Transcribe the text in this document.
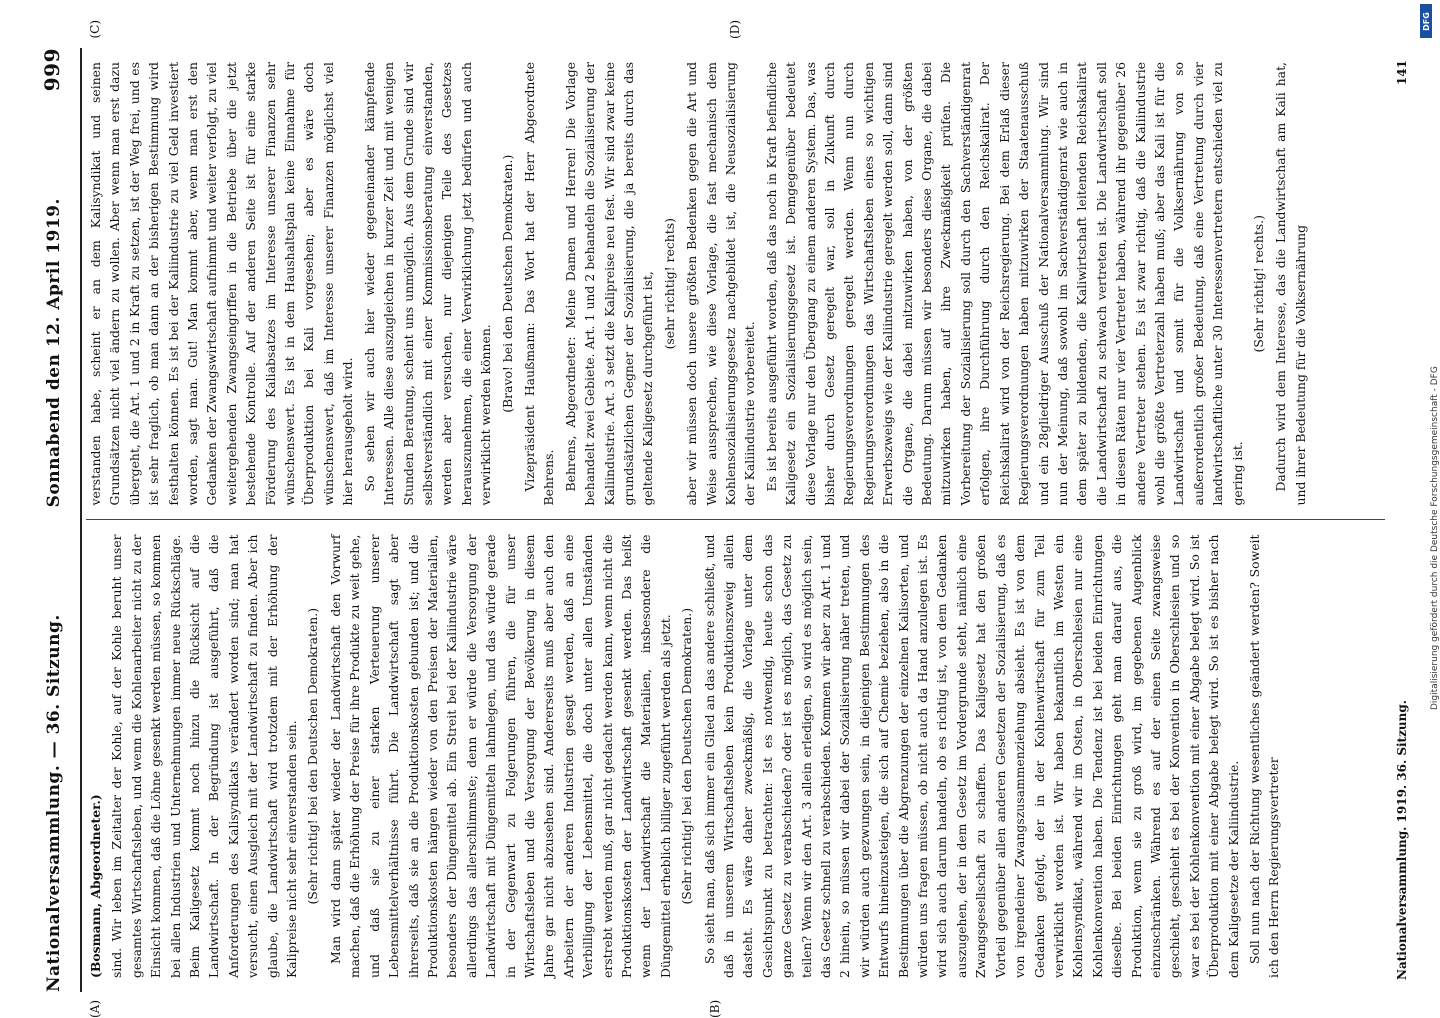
Nationalversammlung. — 36. Sitzung.
Sonnabend den 12. April 1919.
999
(A)	(B)

(Bosmann, Abgeordneter.) sind. Wir leben im Zeitalter der Kohle, auf der Kohle beruht unser gesamtes Wirtschaftsleben, und wenn die Kohlenarbeiter nicht zu der Einsicht kommen, daß die Löhne gesenkt werden müssen, so kommen bei allen Industrien und Unternehmungen immer neue Rückschläge. Beim Kaligesetz kommt noch hinzu die Rücksicht auf die Landwirtschaft. In der Begründung ist ausgeführt, daß die Anforderungen des Kalisyndikats verändert worden sind; man hat versucht, einen Ausgleich mit der Landwirtschaft zu finden. Aber ich glaube, die Landwirtschaft wird trotzdem mit der Erhöhung der Kalipreise nicht sehr einverstanden sein. (Sehr richtig! bei den Deutschen Demokraten.) Man wird dann später wieder der Landwirtschaft den Vorwurf machen, daß die Erhöhung der Preise für ihre Produkte zu weit gehe, und daß sie zu einer starken Verteuerung unserer Lebensmittelverhältnisse führt. Die Landwirtschaft sagt aber ihrerseits, daß sie an die Produktionskosten gebunden ist; und die Produktionskosten hängen wieder von den Preisen der Materialien, besonders der Düngemittel ab. Ein Streit bei der Kaliindustrie wäre allerdings das allerschlimmste; denn er würde die Versorgung der Landwirtschaft mit Düngemitteln lahmlegen, und das würde gerade in der Gegenwart zu Folgerungen führen, die für unser Wirtschaftsleben und die Versorgung der Bevölkerung in diesem Jahre gar nicht abzusehen sind. Andererseits muß aber auch den Arbeitern der anderen Industrien gesagt werden, daß an eine Verbilligung der Lebensmittel, die doch unter allen Umständen erstrebt werden muß, gar nicht gedacht werden kann, wenn nicht die Produktionskosten der Landwirtschaft gesenkt werden. Das heißt wenn der Landwirtschaft die Materialien, insbesondere die Düngemittel erheblich billiger zugeführt werden als jetzt. (Sehr richtig! bei den Deutschen Demokraten.) So sieht man, daß sich immer ein Glied an das andere schließt, und daß in unserem Wirtschaftsleben kein Produktionszweig allein dasteht. Es wäre daher zweckmäßig, die Vorlage unter dem Gesichtspunkt zu betrachten: Ist es notwendig, heute schon das ganze Gesetz zu verabschieden? oder ist es möglich, das Gesetz zu teilen? Wenn wir den Art. 3 allein erledigen, so wird es möglich sein, das Gesetz schnell zu verabschieden. Kommen wir aber zu Art. 1 und 2 hinein, so müssen wir dabei der Sozialisierung näher treten, und wir würden auch gezwungen sein, in diejenigen Bestimmungen des Entwurfs hineinzusteigen, die sich auf Chemie beziehen, also in die Bestimmungen über die Abgrenzungen der einzelnen Kalisorten, und würden uns fragen müssen, ob nicht auch da Hand anzulegen ist. Es wird sich auch darum handeln, ob es richtig ist, von dem Gedanken auszugehen, der in dem Gesetz im Vordergrunde steht, nämlich eine Zwangsgesellschaft zu schaffen. Das Kaligesetz hat den großen Vorteil gegenüber allen anderen Gesetzen der Sozialisierung, daß es von irgendeiner Zwangszusammenziehung absieht. Es ist von dem Gedanken gefolgt, der in der Kohlenwirtschaft für zum Teil verwirklicht worden ist. Wir haben bekanntlich im Westen ein Kohlensyndikat, während wir im Osten, in Oberschlesien nur eine Kohlenkonvention haben. Die Tendenz ist bei beiden Einrichtungen dieselbe. Bei beiden Einrichtungen geht man darauf aus, die Produktion, wenn sie zu groß wird, im gegebenen Augenblick einzuschränken. Während es auf der einen Seite zwangsweise geschieht, geschieht es bei der Konvention in Oberschlesien und so war es bei der Kohlenkonvention mit einer Abgabe belegt wird. So ist Überproduktion mit einer Abgabe belegt wird. So ist es bisher nach dem Kaligesetze der Kaliindustrie. Soll nun nach der Richtung wesentliches geändert werden? Soweit ich den Herrn Regierungsvertreter

(C)	(D)

verstanden habe, scheint er an dem Kalisyndikat und seinen Grundsätzen nicht viel ändern zu wollen. Aber wenn man erst dazu übergeht, die Art. 1 und 2 in Kraft zu setzen, ist der Weg frei, und es ist sehr fraglich, ob man dann an der bisherigen Bestimmung wird festhalten können. Es ist bei der Kaliindustrie zu viel Geld investiert worden, sagt man. Gut! Man kommt aber, wenn man erst den Gedanken der Zwangswirtschaft aufnimmt und weiter verfolgt, zu viel weitergehenden Zwangseingriffen in die Betriebe über die jetzt bestehende Kontrolle. Auf der anderen Seite ist für eine starke Förderung des Kaliabsatzes im Interesse unserer Finanzen sehr wünschenswert. Es ist in dem Haushaltsplan keine Einnahme für Überproduktion bei Kali vorgesehen; aber es wäre doch wünschenswert, daß im Interesse unserer Finanzen möglichst viel hier herausgeholt wird. So sehen wir auch hier wieder gegeneinander kämpfende Interessen. Alle diese auszugleichen in kurzer Zeit und mit wenigen Stunden Beratung, scheint uns unmöglich. Aus dem Grunde sind wir selbstverständlich mit einer Kommissionsberatung einverstanden, werden aber versuchen, nur diejenigen Teile des Gesetzes herauszunehmen, die einer Verwirklichung jetzt bedürfen und auch verwirklicht werden können.

(Bravo! bei den Deutschen Demokraten.) Vizepräsident Haußmann: Das Wort hat der Herr Abgeordnete Behrens. Behrens, Abgeordneter: Meine Damen und Herren! Die Vorlage behandelt zwei Gebiete. Art. 1 und 2 behandeln die Sozialisierung der Kaliindustrie. Art. 3 setzt die Kalipreise neu fest. Wir sind zwar keine grundsätzlichen Gegner der Sozialisierung, die ja bereits durch das geltende Kaligesetz durchgeführt ist, (sehr richtig! rechts) aber wir müssen doch unsere größten Bedenken gegen die Art und Weise aussprechen, wie diese Vorlage, die fast mechanisch dem Kohlensozialisierungsgesetz nachgebildet ist, die Neusozialisierung der Kaliindustrie vorbereitet. Es ist bereits ausgeführt worden, daß das noch in Kraft befindliche Kaligesetz ein Sozialisierungsgesetz ist. Demgegenüber bedeutet diese Vorlage nur den Übergang zu einem anderen System. Das, was bisher durch Gesetz geregelt war, soll in Zukunft durch Regierungsverordnungen geregelt werden. Wenn nun durch Regierungsverordnungen das Wirtschaftsleben eines so wichtigen Erwerbszweigs wie der Kaliindustrie geregelt werden soll, dann sind die Organe, die dabei mitzuwirken haben, von der größten Bedeutung. Darum müssen wir besonders diese Organe, die dabei mitzuwirken haben, auf ihre Zweckmäßigkeit prüfen. Die Vorbereitung der Sozialisierung soll durch den Sachverständigenrat erfolgen, ihre Durchführung durch den Reichskalirat. Der Reichskalirat wird von der Reichsregierung. Bei dem Erlaß dieser Regierungsverordnungen haben mitzuwirken der Staatenausschuß und ein 28gliedriger Ausschuß der Nationalversammlung. Wir sind nun der Meinung, daß sowohl im Sachverständigenrat wie auch in dem später zu bildenden, die Kaliwirtschaft leitenden Reichskalirat die Landwirtschaft zu schwach vertreten ist. Die Landwirtschaft soll in diesen Räten nur vier Vertreter haben, während ihr gegenüber 26 andere Vertreter stehen. Es ist zwar richtig, daß die Kaliindustrie wohl die größte Vertreterzahl haben muß; aber das Kali ist für die Landwirtschaft und somit für die Volksernährung von so außerordentlich großer Bedeutung, daß eine Vertretung durch vier landwirtschaftliche unter 30 Interessenvertretern entschieden viel zu gering ist.

(Sehr richtig! rechts.) Dadurch wird dem Interesse, das die Landwirtschaft am Kali hat, und ihrer Bedeutung für die Volksernährung

Nationalversammlung. 1919. 36. Sitzung.
141
DFG
Digitalisierung gefördert durch die Deutsche Forschungsgemeinschaft - DFG
